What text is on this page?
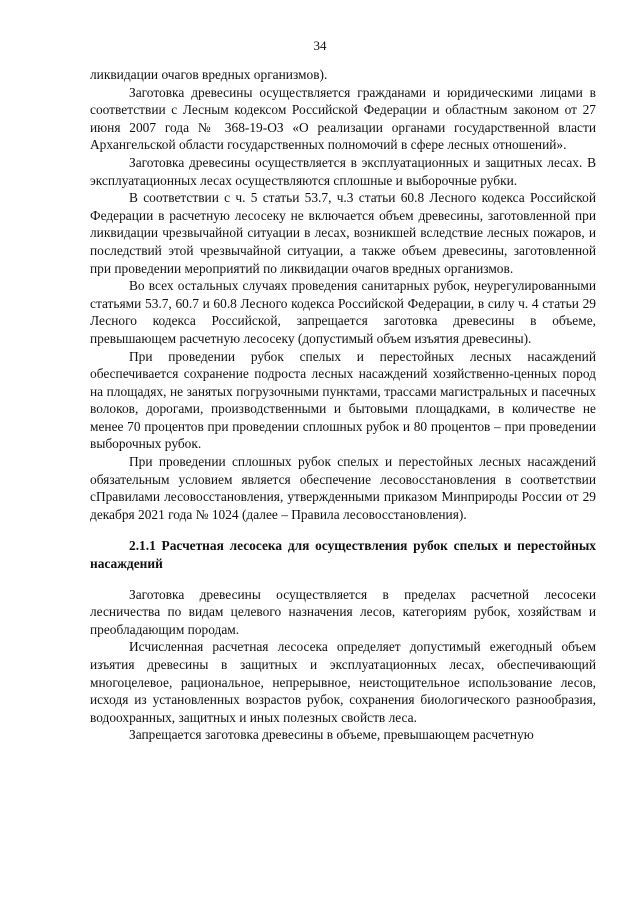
34

ликвидации очагов вредных организмов).

Заготовка древесины осуществляется гражданами и юридическими лицами в соответствии с Лесным кодексом Российской Федерации и областным законом от 27 июня 2007 года № 368-19-ОЗ «О реализации органами государственной власти Архангельской области государственных полномочий в сфере лесных отношений».

Заготовка древесины осуществляется в эксплуатационных и защитных лесах. В эксплуатационных лесах осуществляются сплошные и выборочные рубки.

В соответствии с ч. 5 статьи 53.7, ч.3 статьи 60.8 Лесного кодекса Российской Федерации в расчетную лесосеку не включается объем древесины, заготовленной при ликвидации чрезвычайной ситуации в лесах, возникшей вследствие лесных пожаров, и последствий этой чрезвычайной ситуации, а также объем древесины, заготовленной при проведении мероприятий по ликвидации очагов вредных организмов.

Во всех остальных случаях проведения санитарных рубок, неурегулированными статьями 53.7, 60.7 и 60.8 Лесного кодекса Российской Федерации, в силу ч. 4 статьи 29 Лесного кодекса Российской, запрещается заготовка древесины в объеме, превышающем расчетную лесосеку (допустимый объем изъятия древесины).

При проведении рубок спелых и перестойных лесных насаждений обеспечивается сохранение подроста лесных насаждений хозяйственно-ценных пород на площадях, не занятых погрузочными пунктами, трассами магистральных и пасечных волоков, дорогами, производственными и бытовыми площадками, в количестве не менее 70 процентов при проведении сплошных рубок и 80 процентов – при проведении выборочных рубок.

При проведении сплошных рубок спелых и перестойных лесных насаждений обязательным условием является обеспечение лесовосстановления в соответствии сПравилами лесовосстановления, утвержденными приказом Минприроды России от 29 декабря 2021 года № 1024 (далее – Правила лесовосстановления).

2.1.1 Расчетная лесосека для осуществления рубок спелых и перестойных насаждений

Заготовка древесины осуществляется в пределах расчетной лесосеки лесничества по видам целевого назначения лесов, категориям рубок, хозяйствам и преобладающим породам.

Исчисленная расчетная лесосека определяет допустимый ежегодный объем изъятия древесины в защитных и эксплуатационных лесах, обеспечивающий многоцелевое, рациональное, непрерывное, неистощительное использование лесов, исходя из установленных возрастов рубок, сохранения биологического разнообразия, водоохранных, защитных и иных полезных свойств леса.

Запрещается заготовка древесины в объеме, превышающем расчетную
